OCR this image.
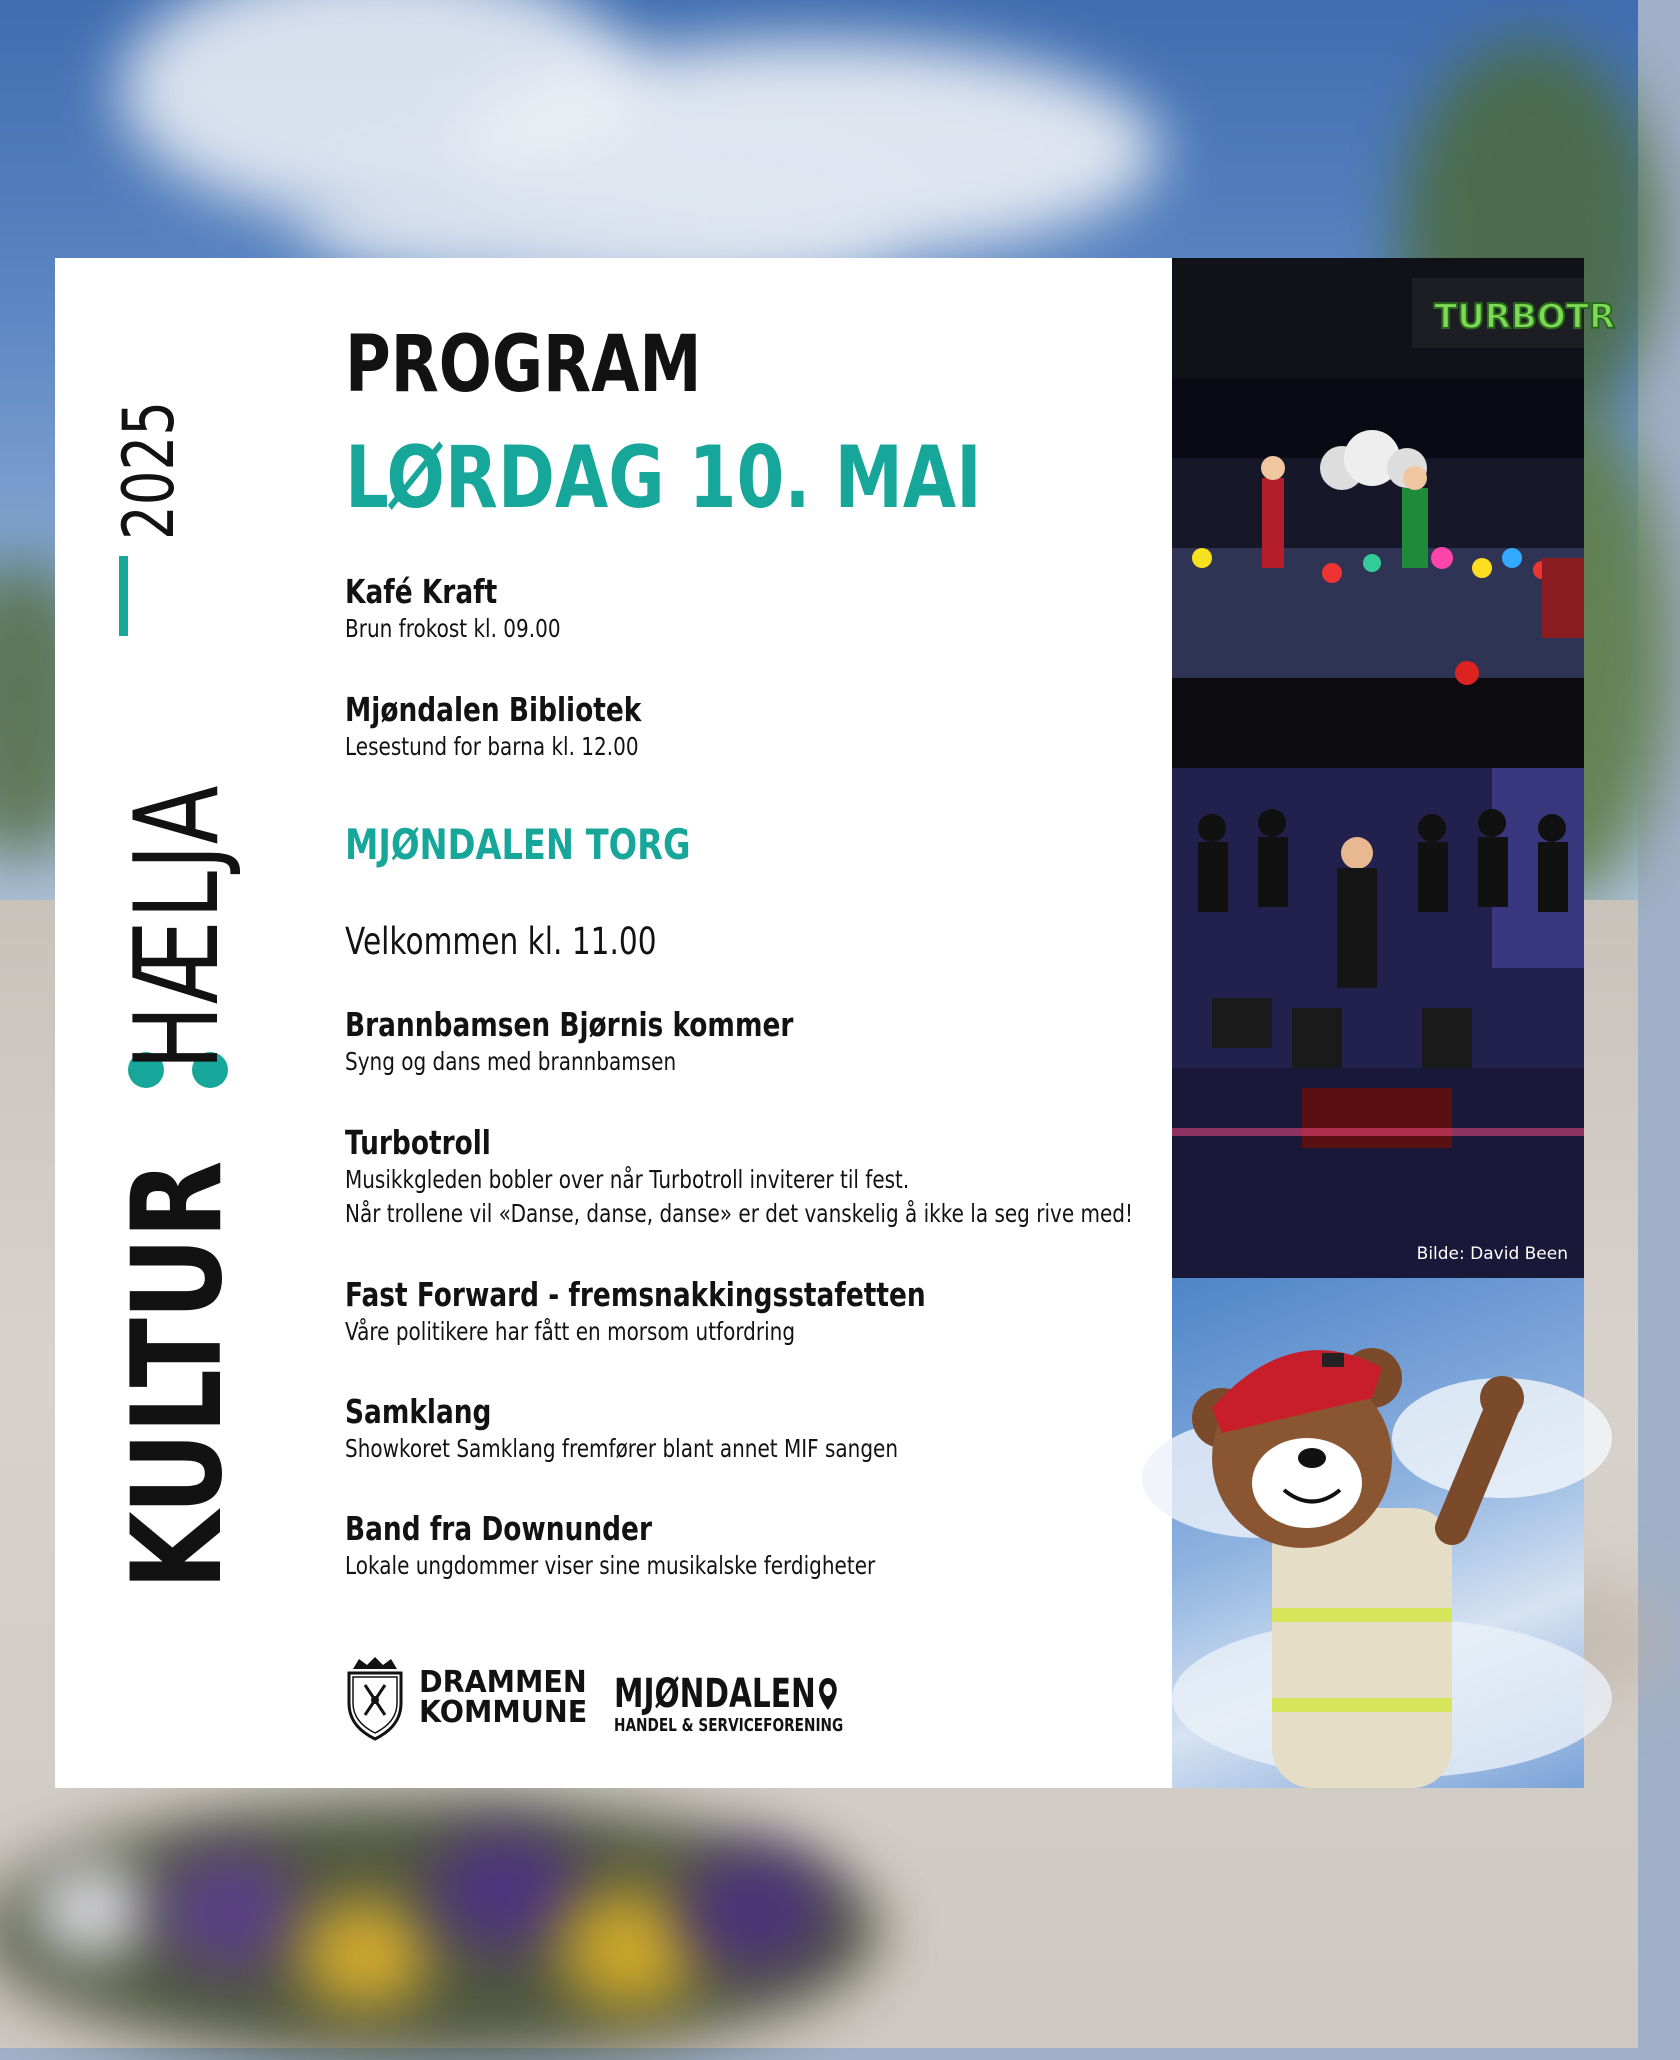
KULTUR
HÆLJA
2025
PROGRAM
LØRDAG 10. MAI
Kafé Kraft
Brun frokost kl. 09.00
Mjøndalen Bibliotek
Lesestund for barna kl. 12.00
MJØNDALEN TORG
Velkommen kl. 11.00
Brannbamsen Bjørnis kommer
Syng og dans med brannbamsen
Turbotroll
Musikkgleden bobler over når Turbotroll inviterer til fest.
Når trollene vil «Danse, danse, danse» er det vanskelig å ikke la seg rive med!
Fast Forward - fremsnakkingsstafetten
Våre politikere har fått en morsom utfordring
Samklang
Showkoret Samklang fremfører blant annet MIF sangen
Band fra Downunder
Lokale ungdommer viser sine musikalske ferdigheter
DRAMMEN
KOMMUNE MJØNDALEN
HANDEL & SERVICEFORENING
TURBOTR
Bilde: David Been
